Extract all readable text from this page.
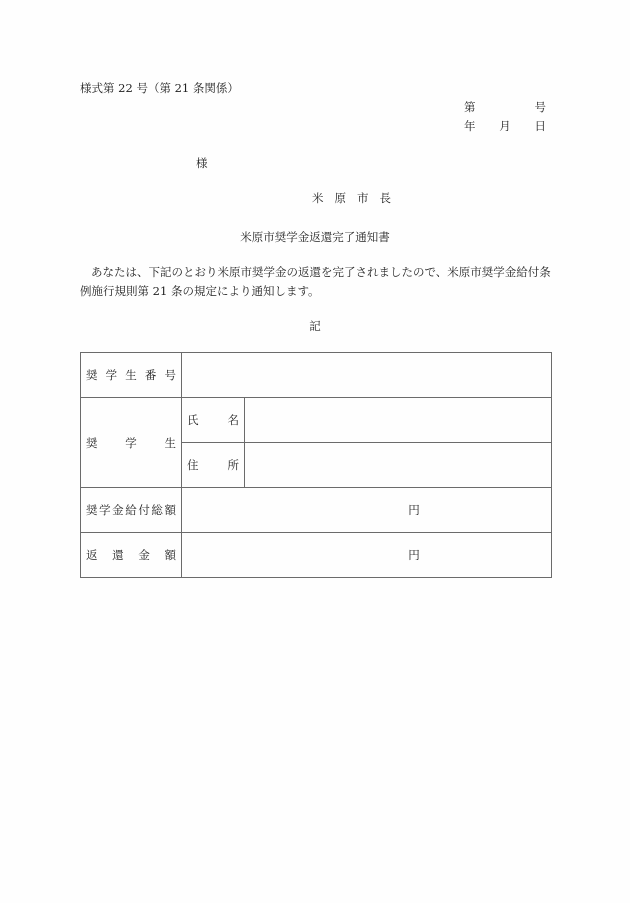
様式第 22 号（第 21 条関係）
第	号
年 月 日
様
米原市長
米原市奨学金返還完了通知書
あなたは、下記のとおり米原市奨学金の返還を完了されましたので、米原市奨学金給付条例施行規則第 21 条の規定により通知します。
記
奨 学 生 番 号		

奨 学 生	氏 名	

	住 所	

奨 学 金 給 付 総 額	円

返 還 金 額	円	
